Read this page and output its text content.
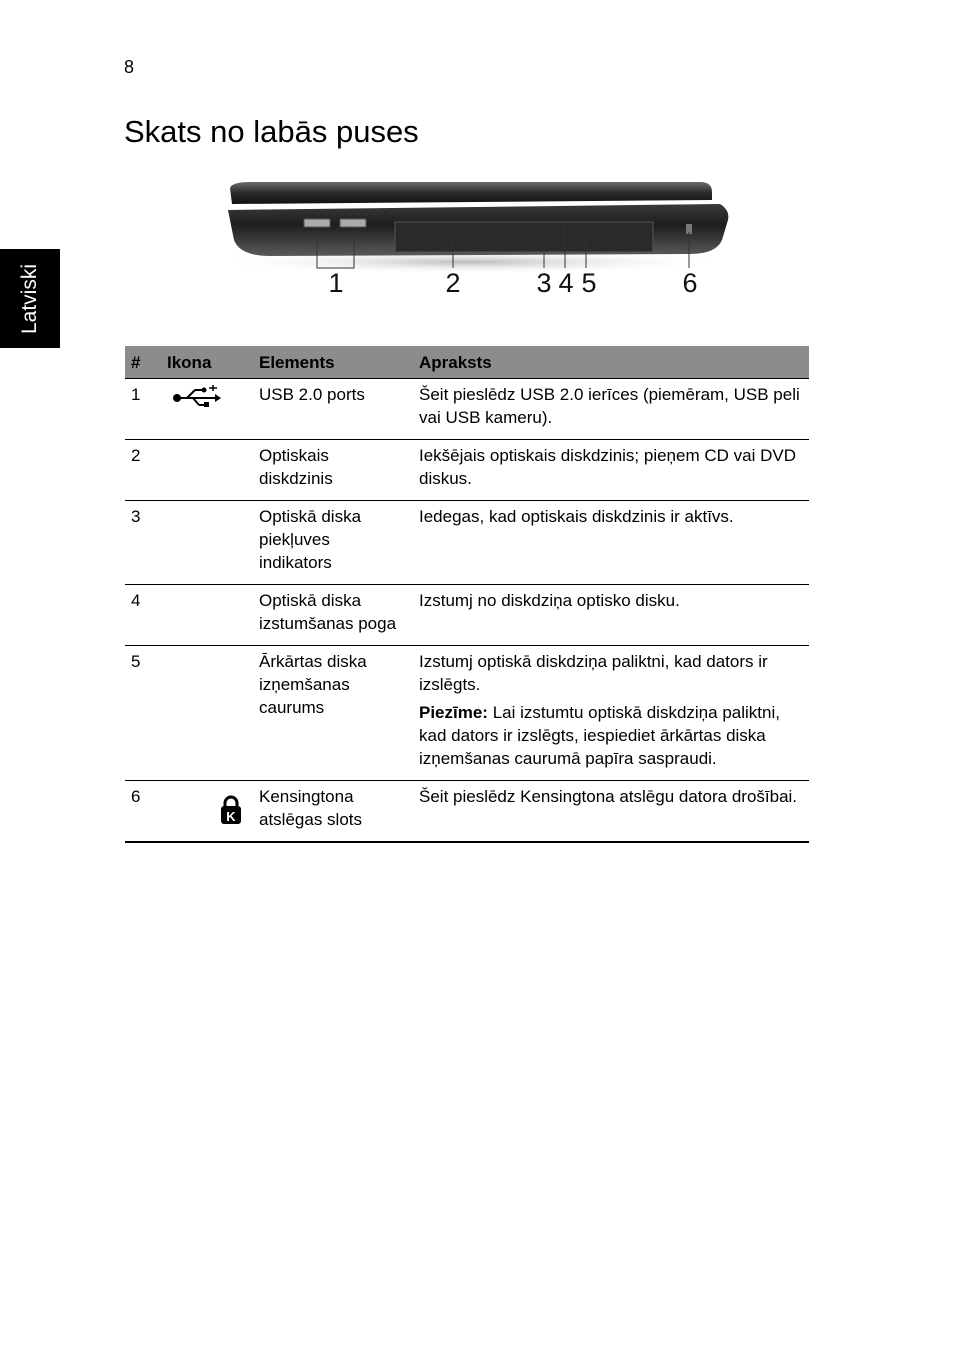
8
Skats no labās puses
Latviski	1	2	3 4 5	6
#	Ikona	Elements	Apraksts
1		USB 2.0 ports	Šeit pieslēdz USB 2.0 ierīces (piemēram, USB peli vai USB kameru).
2		Optiskais diskdzinis	Iekšējais optiskais diskdzinis; pieņem CD vai DVD diskus.
3		Optiskā diska piekļuves indikators	Iedegas, kad optiskais diskdzinis ir aktīvs.
4		Optiskā diska izstumšanas poga	Izstumj no diskdziņa optisko disku.
5		Ārkārtas diska izņemšanas caurums	Izstumj optiskā diskdziņa paliktni, kad dators ir izslēgts.
Piezīme: Lai izstumtu optiskā diskdziņa paliktni, kad dators ir izslēgts, iespiediet ārkārtas diska izņemšanas caurumā papīra saspraudi.

6	K	Kensingtona atslēgas slots	Šeit pieslēdz Kensingtona atslēgu datora drošībai.
